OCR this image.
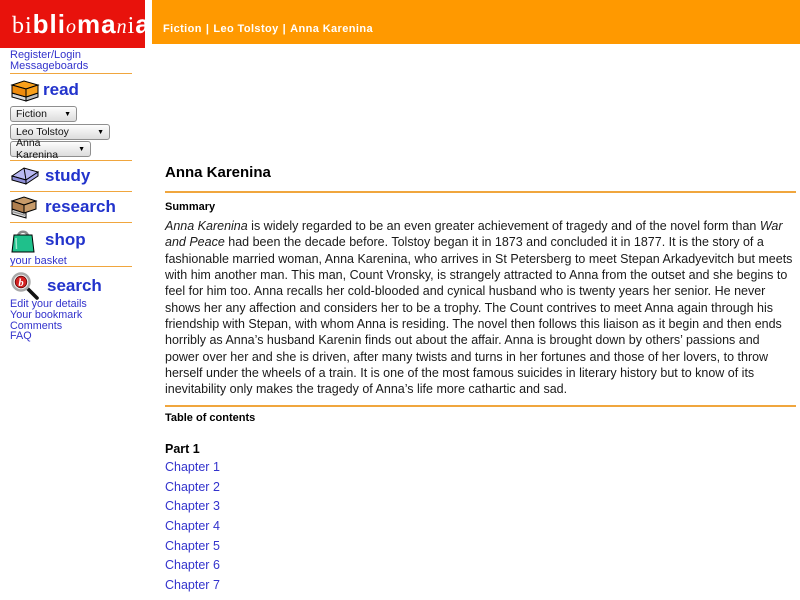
bibliomania Fiction | Leo Tolstoy | Anna Karenina
Register/Login
Messageboards
read
Fiction ▼
Leo Tolstoy	▼
Anna Karenina	▼
study
research
shop
your basket
b search
Edit your details
Your bookmark
Comments
FAQ
Anna Karenina
Summary

Anna Karenina is widely regarded to be an even greater achievement of tragedy and of the novel form than War and Peace had been the decade before. Tolstoy began it in 1873 and concluded it in 1877. It is the story of a fashionable married woman, Anna Karenina, who arrives in St Petersberg to meet Stepan Arkadyevitch but meets with him another man. This man, Count Vronsky, is strangely attracted to Anna from the outset and she begins to feel for him too. Anna recalls her cold-blooded and cynical husband who is twenty years her senior. He never shows her any affection and considers her to be a trophy. The Count contrives to meet Anna again through his friendship with Stepan, with whom Anna is residing. The novel then follows this liaison as it begin and then ends horribly as Anna’s husband Karenin finds out about the affair. Anna is brought down by others’ passions and power over her and she is driven, after many twists and turns in her fortunes and those of her lovers, to throw herself under the wheels of a train. It is one of the most famous suicides in literary history but to know of its inevitability only makes the tragedy of Anna’s life more cathartic and sad.

Table of contents

Part 1

Chapter 1
Chapter 2
Chapter 3
Chapter 4
Chapter 5
Chapter 6
Chapter 7
